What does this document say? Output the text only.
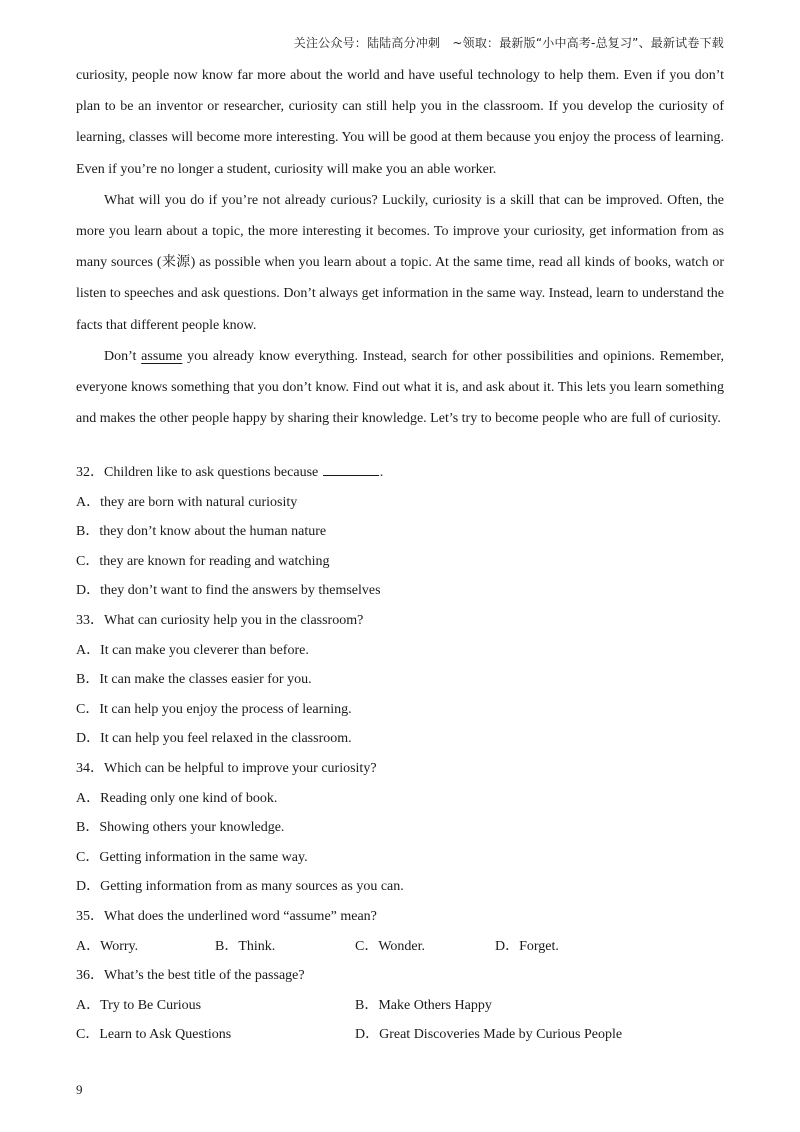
关注公众号：陆陆高分冲刺　~领取：最新版“小中高考-总复习”、最新试卷下载

curiosity, people now know far more about the world and have useful technology to help them. Even if you don’t plan to be an inventor or researcher, curiosity can still help you in the classroom. If you develop the curiosity of learning, classes will become more interesting. You will be good at them because you enjoy the process of learning. Even if you’re no longer a student, curiosity will make you an able worker.

What will you do if you’re not already curious? Luckily, curiosity is a skill that can be improved. Often, the more you learn about a topic, the more interesting it becomes. To improve your curiosity, get information from as many sources (来源) as possible when you learn about a topic. At the same time, read all kinds of books, watch or listen to speeches and ask questions. Don’t always get information in the same way. Instead, learn to understand the facts that different people know.

Don’t assume you already know everything. Instead, search for other possibilities and opinions. Remember, everyone knows something that you don’t know. Find out what it is, and ask about it. This lets you learn something and makes the other people happy by sharing their knowledge. Let’s try to become people who are full of curiosity.

32．Children like to ask questions because	.
A．they are born with natural curiosity
B．they don’t know about the human nature
C．they are known for reading and watching
D．they don’t want to find the answers by themselves
33．What can curiosity help you in the classroom?
A．It can make you cleverer than before.
B．It can make the classes easier for you.
C．It can help you enjoy the process of learning.
D．It can help you feel relaxed in the classroom.
34．Which can be helpful to improve your curiosity?
A．Reading only one kind of book.
B．Showing others your knowledge.
C．Getting information in the same way.
D．Getting information from as many sources as you can.
35．What does the underlined word “assume” mean?
A．Worry.	B．Think.	C．Wonder.	D．Forget.
36．What’s the best title of the passage?
A．Try to Be Curious	B．Make Others Happy
C．Learn to Ask Questions	D．Great Discoveries Made by Curious People
9
